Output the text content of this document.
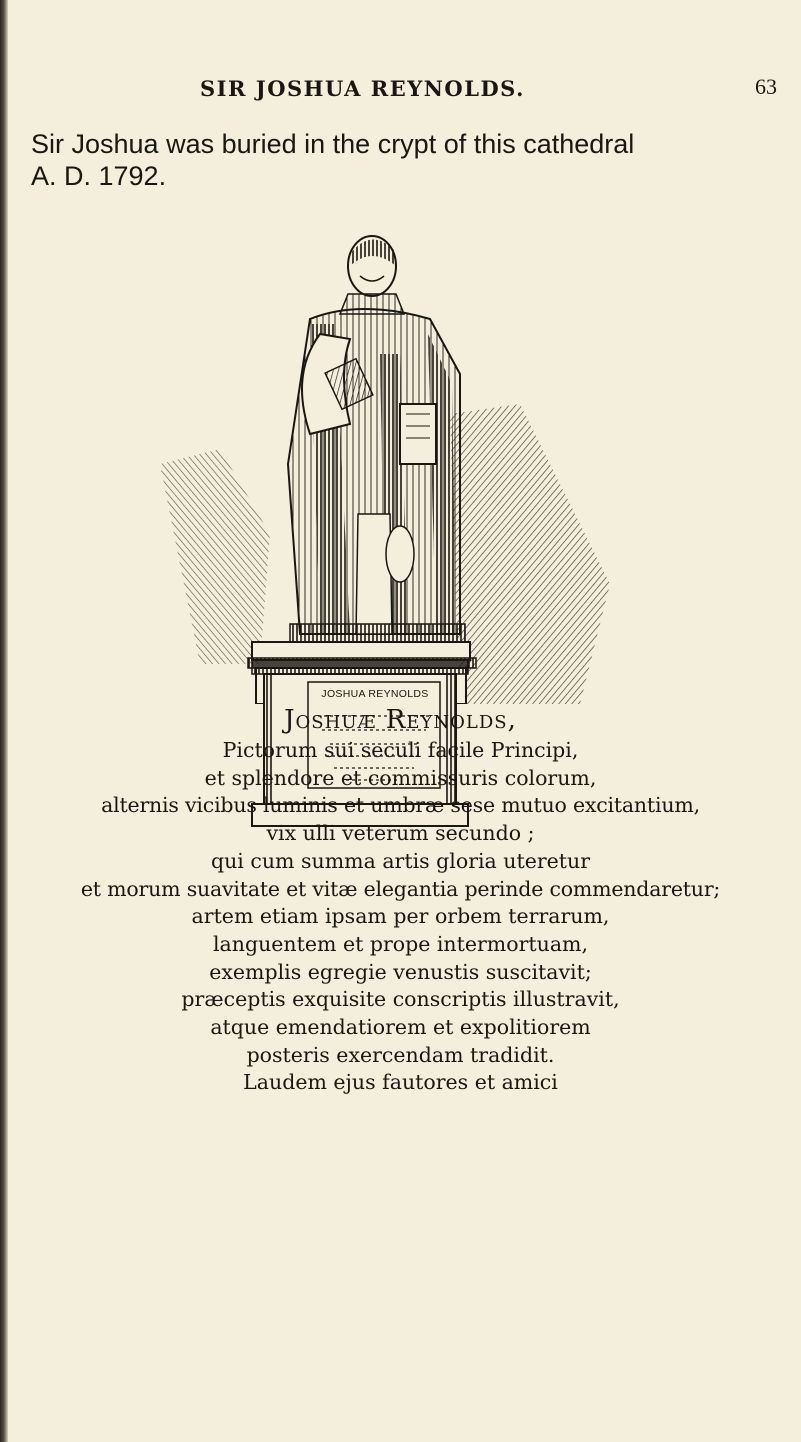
SIR JOSHUA REYNOLDS.	63

Sir Joshua was buried in the crypt of this cathedral

A. D. 1792.

JOSHUA REYNOLDS

Joshuæ Reynolds,

Pictorum sui seculi facile Principi,

et splendore et commissuris colorum,

alternis vicibus luminis et umbræ sese mutuo excitantium,

vix ulli veterum secundo ;

qui cum summa artis gloria uteretur

et morum suavitate et vitæ elegantia perinde commendaretur;

artem etiam ipsam per orbem terrarum,

languentem et prope intermortuam,

exemplis egregie venustis suscitavit;

præceptis exquisite conscriptis illustravit,

atque emendatiorem et expolitiorem

posteris exercendam tradidit.

Laudem ejus fautores et amici
